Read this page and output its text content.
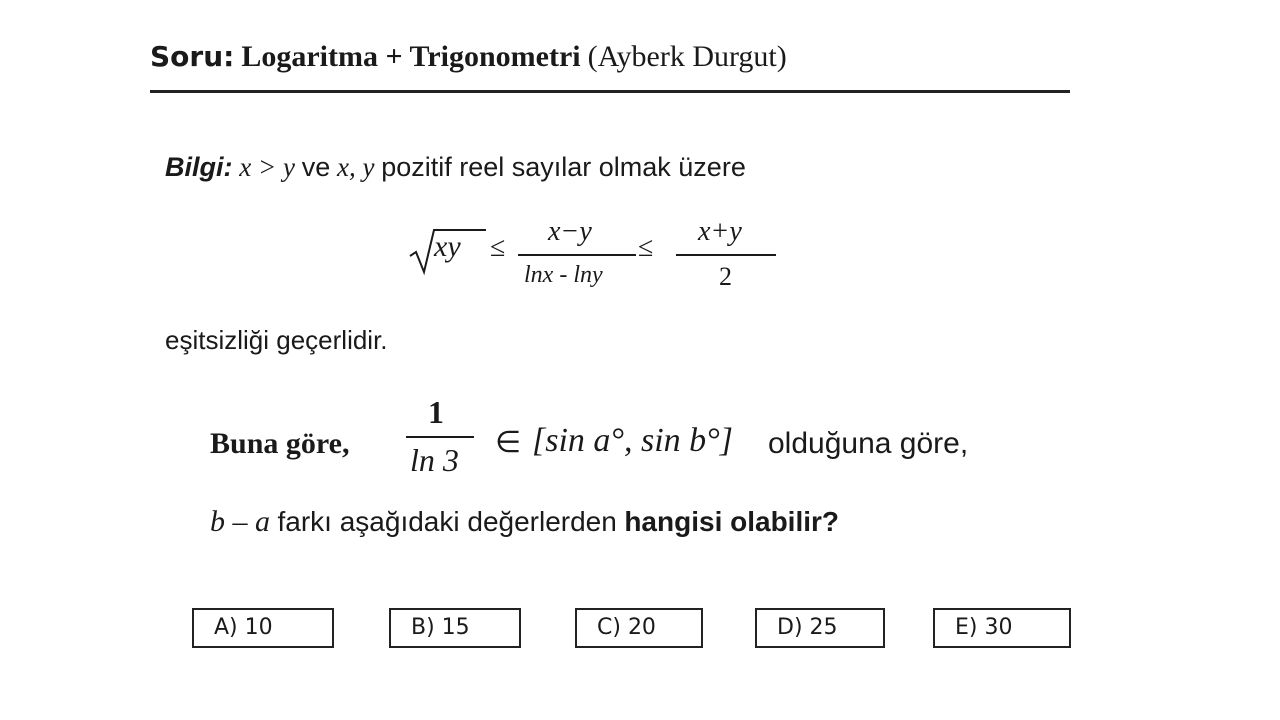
Soru: Logaritma + Trigonometri (Ayberk Durgut)
Bilgi: x > y ve x, y pozitif reel sayılar olmak üzere
xy ≤
x−y
lnx - lny
≤
x+y
2
eşitsizliği geçerlidir.
Buna göre,
1
ln 3 ∈ [sin a°, sin b°] olduğuna göre,
b – a farkı aşağıdaki değerlerden hangisi olabilir?
A) 10	B) 15	C) 20	D) 25	E) 30
